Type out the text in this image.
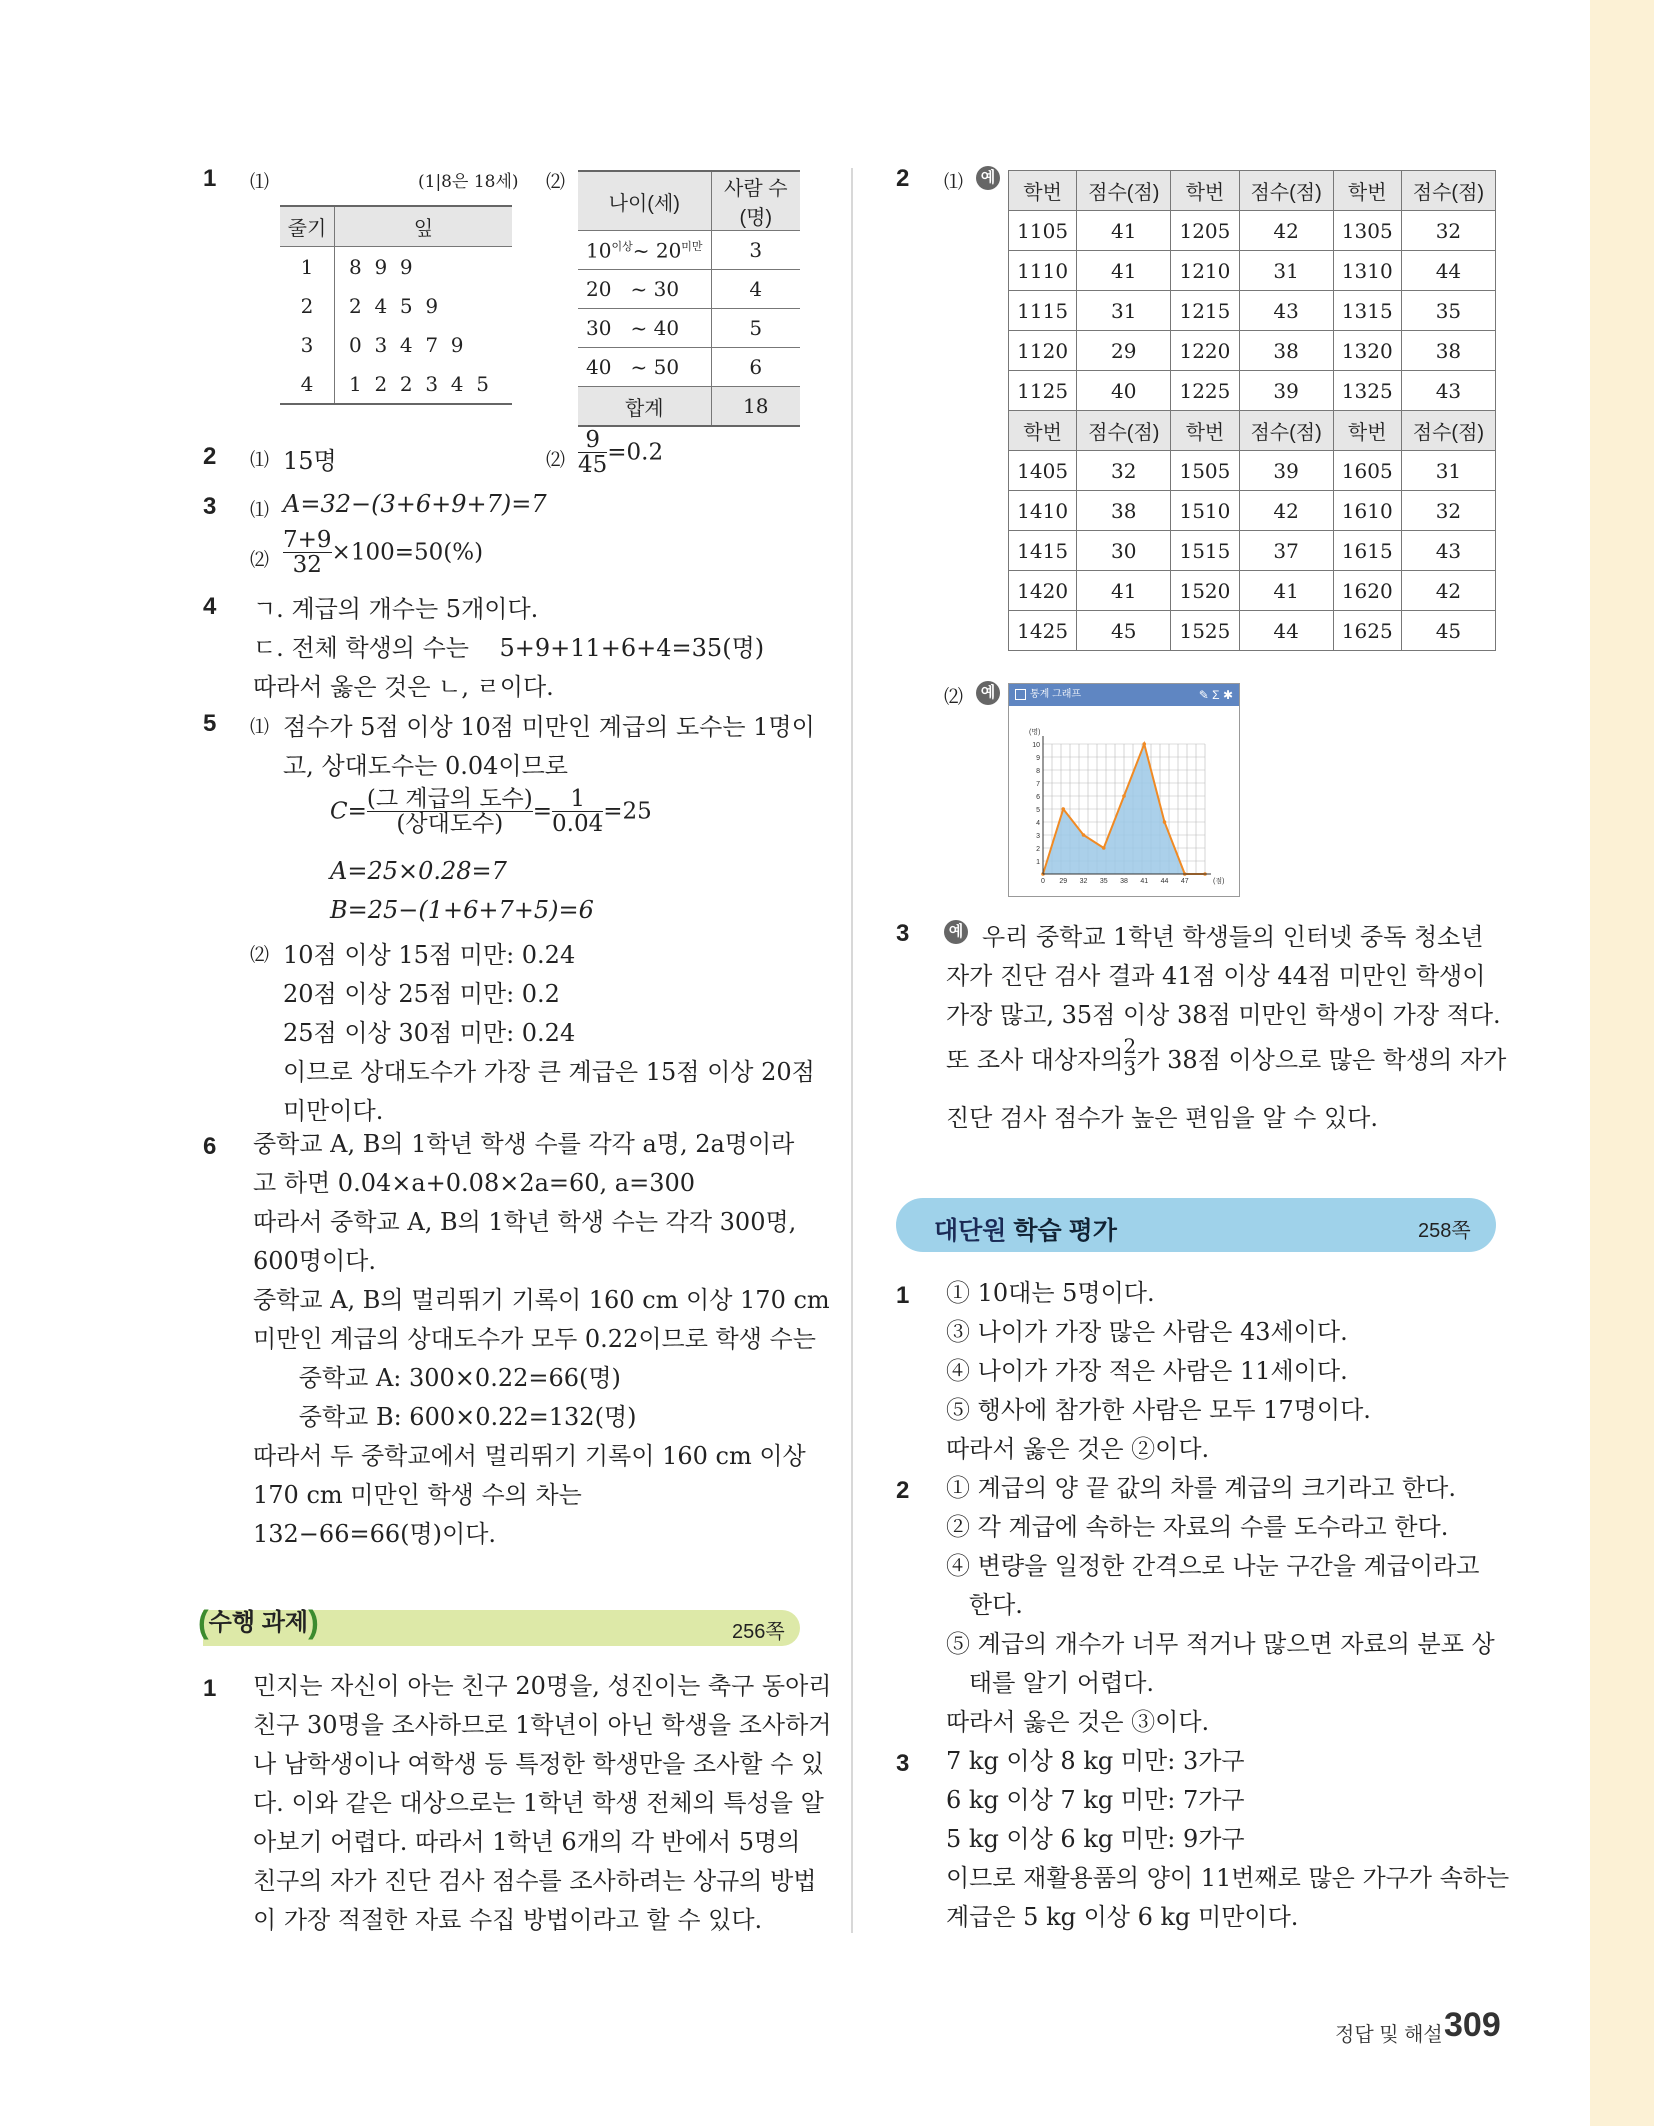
1 ⑴	(1|8은 18세)
줄기	잎
1	8  9  9
2	2  4  5  9
3	0  3  4  7  9
4	1  2  2  3  4  5
⑵
나이(세)	사람 수(명)
$10^{이상}\sim$ $20^{미만}$	3
20 ~ 30	4
30 ~ 40	5
40 ~ 50	6
합계	18
2 ⑴ 15명	⑵ $\frac{9}{45} =0.2$
3 ⑴ A=32−(3+6+9+7)=7
⑵ $\frac{7+9}{32} \times 100=50(\%)$
4 ㄱ. 계급의 개수는 5개이다.
ㄷ. 전체 학생의 수는    5+9+11+6+4=35(명)
따라서 옳은 것은 ㄴ, ㄹ이다.
5 ⑴ 점수가 5점 이상 10점 미만인 계급의 도수는 1명이
고, 상대도수는 0.04이므로
$C= \frac{\text{(그 계급의 도수)}}{\text{(상대도수)}} = \frac{1}{0.04} =25$
A=25×0.28=7
B=25−(1+6+7+5)=6
⑵ 10점 이상 15점 미만: 0.24
20점 이상 25점 미만: 0.2
25점 이상 30점 미만: 0.24
이므로 상대도수가 가장 큰 계급은 15점 이상 20점
미만이다.
6 중학교 A, B의 1학년 학생 수를 각각 a명, 2a명이라
고 하면 0.04×a+0.08×2a=60, a=300
따라서 중학교 A, B의 1학년 학생 수는 각각 300명,
600명이다.
중학교 A, B의 멀리뛰기 기록이 160 cm 이상 170 cm
미만인 계급의 상대도수가 모두 0.22이므로 학생 수는
중학교 A: 300×0.22=66(명)
중학교 B: 600×0.22=132(명)
따라서 두 중학교에서 멀리뛰기 기록이 160 cm 이상
170 cm 미만인 학생 수의 차는
132−66=66(명)이다.
(수행 과제)	256쪽
1 민지는 자신이 아는 친구 20명을, 성진이는 축구 동아리
친구 30명을 조사하므로 1학년이 아닌 학생을 조사하거
나 남학생이나 여학생 등 특정한 학생만을 조사할 수 있
다. 이와 같은 대상으로는 1학년 학생 전체의 특성을 알
아보기 어렵다. 따라서 1학년 6개의 각 반에서 5명의
친구의 자가 진단 검사 점수를 조사하려는 상규의 방법
이 가장 적절한 자료 수집 방법이라고 할 수 있다.
2 ⑴	예
학번	점수(점)	학번	점수(점)	학번	점수(점)
1105	41	1205	42	1305	32
1110	41	1210	31	1310	44
1115	31	1215	43	1315	35
1120	29	1220	38	1320	38
1125	40	1225	39	1325	43
학번	점수(점)	학번	점수(점)	학번	점수(점)
1405	32	1505	39	1605	31
1410	38	1510	42	1610	32
1415	30	1515	37	1615	43
1420	41	1520	41	1620	42
1425	45	1525	44	1625	45
⑵	예	통계 그래프	✎ Σ ✱
1
2
3
4
5
6
7
8
9
10
(명)
0 29 32 35 38 41 44 47	(점)
3	예 우리 중학교 1학년 학생들의 인터넷 중독 청소년
자가 진단 검사 결과 41점 이상 44점 미만인 학생이
가장 많고, 35점 이상 38점 미만인 학생이 가장 적다.
또 조사 대상자의 $\frac{2}{3}$ 가 38점 이상으로 많은 학생의 자가
진단 검사 점수가 높은 편임을 알 수 있다.
대단원 학습 평가	258쪽
1 ① 10대는 5명이다.
③ 나이가 가장 많은 사람은 43세이다.
④ 나이가 가장 적은 사람은 11세이다.
⑤ 행사에 참가한 사람은 모두 17명이다.
따라서 옳은 것은 ②이다.
2 ① 계급의 양 끝 값의 차를 계급의 크기라고 한다.
② 각 계급에 속하는 자료의 수를 도수라고 한다.
④ 변량을 일정한 간격으로 나눈 구간을 계급이라고
한다.
⑤ 계급의 개수가 너무 적거나 많으면 자료의 분포 상
태를 알기 어렵다.
따라서 옳은 것은 ③이다.
3 7 kg 이상 8 kg 미만: 3가구
6 kg 이상 7 kg 미만: 7가구
5 kg 이상 6 kg 미만: 9가구
이므로 재활용품의 양이 11번째로 많은 가구가 속하는
계급은 5 kg 이상 6 kg 미만이다.
정답 및 해설 309
